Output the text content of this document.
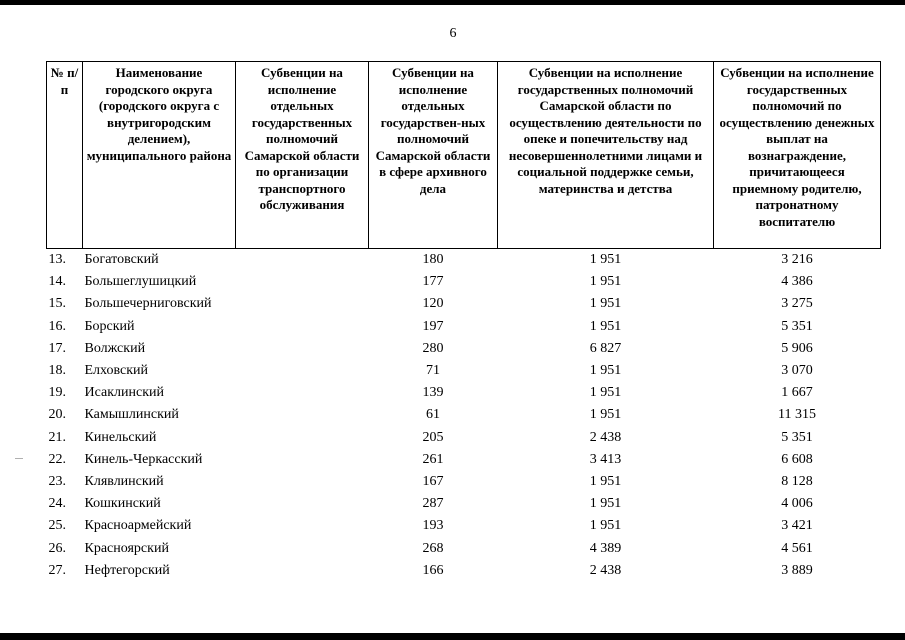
6
№ п/п	Наименование городского округа (городского округа с внутригородским делением), муниципального района	Субвенции на исполнение отдельных государственных полномочий Самарской области по организации транспортного обслуживания	Субвенции на исполнение отдельных государствен-ных полномочий Самарской области в сфере архивного дела	Субвенции на исполнение государственных полномочий Самарской области по осуществлению деятельности по опеке и попечительству над несовершеннолетними лицами и социальной поддержке семьи, материнства и детства	Субвенции на исполнение государственных полномочий по осуществлению денежных выплат на вознаграждение, причитающееся приемному родителю, патронатному воспитателю
13.	Богатовский		180	1 951	3 216
14.	Большеглушицкий		177	1 951	4 386
15.	Большечерниговский		120	1 951	3 275
16.	Борский		197	1 951	5 351
17.	Волжский		280	6 827	5 906
18.	Елховский		71	1 951	3 070
19.	Исаклинский		139	1 951	1 667
20.	Камышлинский		61	1 951	11 315
21.	Кинельский		205	2 438	5 351
22.	Кинель-Черкасский		261	3 413	6 608
23.	Клявлинский		167	1 951	8 128
24.	Кошкинский		287	1 951	4 006
25.	Красноармейский		193	1 951	3 421
26.	Красноярский		268	4 389	4 561
27.	Нефтегорский		166	2 438	3 889
